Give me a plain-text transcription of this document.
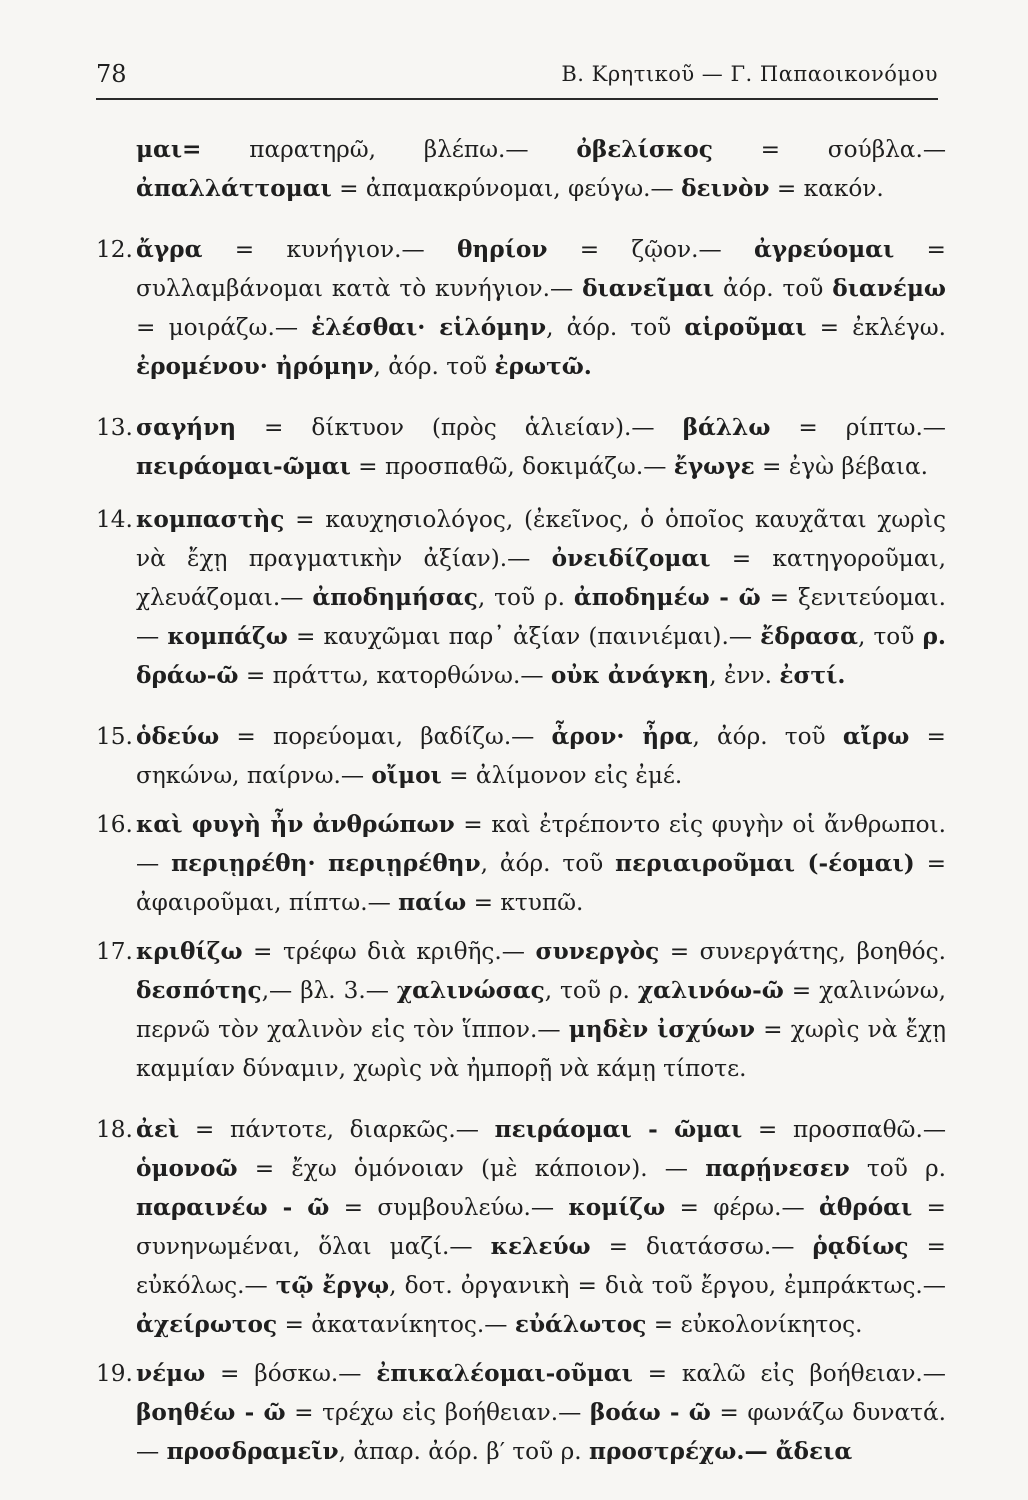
78	Β. Κρητικοῦ — Γ. Παπαοικονόμου
μαι= παρατηρῶ, βλέπω.— ὀβελίσκος = σούβλα.— ἀπαλλάττομαι = ἀπαμακρύνομαι, φεύγω.— δεινὸν = κακόν.
12. ἄγρα = κυνήγιον.— θηρίον = ζῷον.— ἀγρεύομαι = συλλαμβάνομαι κατὰ τὸ κυνήγιον.— διανεῖμαι ἀόρ. τοῦ διανέμω = μοιράζω.— ἑλέσθαι· εἱλόμην, ἀόρ. τοῦ αἱροῦμαι = ἐκλέγω. ἐρομένου· ἠρόμην, ἀόρ. τοῦ ἐρωτῶ.
13. σαγήνη = δίκτυον (πρὸς ἁλιείαν).— βάλλω = ρίπτω.— πειράομαι-ῶμαι = προσπαθῶ, δοκιμάζω.— ἔγωγε = ἐγὼ βέβαια.
14. κομπαστὴς = καυχησιολόγος, (ἐκεῖνος, ὁ ὁποῖος καυχᾶται χωρὶς νὰ ἔχῃ πραγματικὴν ἀξίαν).— ὀνειδίζομαι = κατηγοροῦμαι, χλευάζομαι.— ἀποδημήσας, τοῦ ρ. ἀποδημέω - ῶ = ξενιτεύομαι.— κομπάζω = καυχῶμαι παρ᾽ ἀξίαν (παινιέμαι).— ἔδρασα, τοῦ ρ. δράω-ῶ = πράττω, κατορθώνω.— οὐκ ἀνάγκη, ἐνν. ἐστί.
15. ὁδεύω = πορεύομαι, βαδίζω.— ἆρον· ἦρα, ἀόρ. τοῦ αἴρω = σηκώνω, παίρνω.— οἴμοι = ἀλίμονον εἰς ἐμέ.
16. καὶ φυγὴ ἦν ἀνθρώπων = καὶ ἐτρέποντο εἰς φυγὴν οἱ ἄνθρωποι.— περιῃρέθη· περιῃρέθην, ἀόρ. τοῦ περιαιροῦμαι (-έομαι) = ἀφαιροῦμαι, πίπτω.— παίω = κτυπῶ.
17. κριθίζω = τρέφω διὰ κριθῆς.— συνεργὸς = συνεργάτης, βοηθός. δεσπότης,— βλ. 3.— χαλινώσας, τοῦ ρ. χαλινόω-ῶ = χαλινώνω, περνῶ τὸν χαλινὸν εἰς τὸν ἵππον.— μηδὲν ἰσχύων = χωρὶς νὰ ἔχῃ καμμίαν δύναμιν, χωρὶς νὰ ἠμπορῇ νὰ κάμῃ τίποτε.
18. ἀεὶ = πάντοτε, διαρκῶς.— πειράομαι - ῶμαι = προσπαθῶ.— ὁμονοῶ = ἔχω ὁμόνοιαν (μὲ κάποιον). — παρῄνεσεν τοῦ ρ. παραινέω - ῶ = συμβουλεύω.— κομίζω = φέρω.— ἀθρόαι = συνηνωμέναι, ὅλαι μαζί.— κελεύω = διατάσσω.— ῥᾳδίως = εὐκόλως.— τῷ ἔργῳ, δοτ. ὀργανικὴ = διὰ τοῦ ἔργου, ἐμπράκτως.— ἀχείρωτος = ἀκατανίκητος.— εὐάλωτος = εὐκολονίκητος.
19. νέμω = βόσκω.— ἐπικαλέομαι-οῦμαι = καλῶ εἰς βοήθειαν.— βοηθέω - ῶ = τρέχω εἰς βοήθειαν.— βοάω - ῶ = φωνάζω δυνατά.— προσδραμεῖν, ἀπαρ. ἀόρ. β′ τοῦ ρ. προστρέχω.— ἄδεια
